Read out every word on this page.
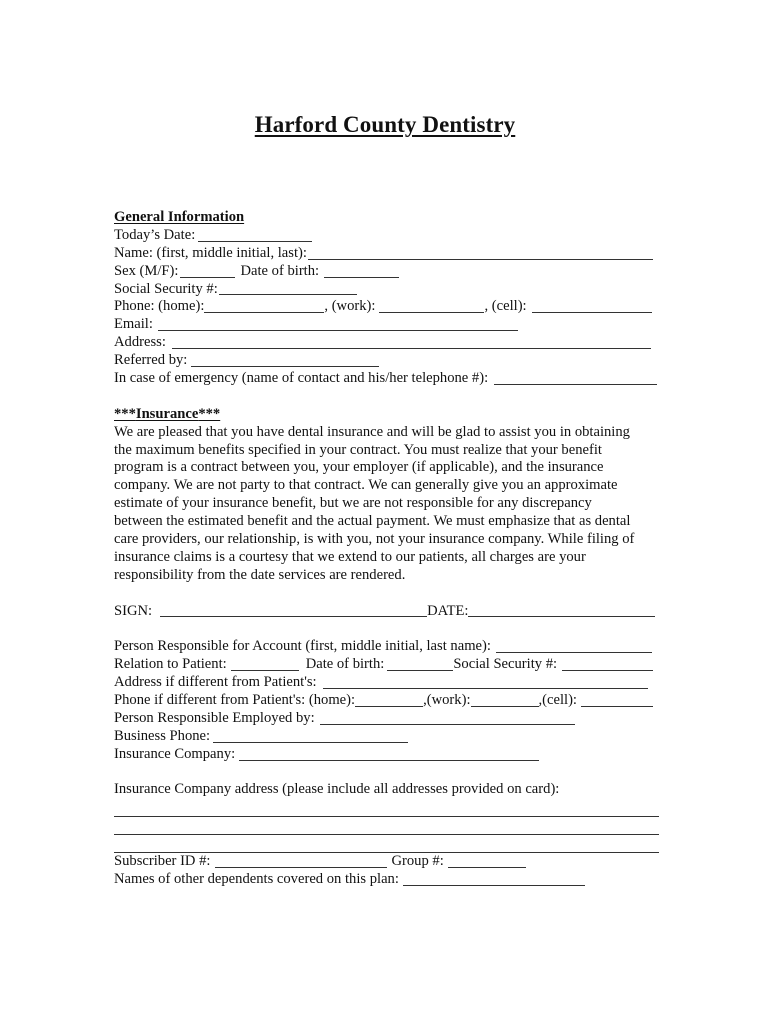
Harford County Dentistry
General Information
Today’s Date:
Name: (first, middle initial, last):
Sex (M/F):	Date of birth:
Social Security #:
Phone: (home):	, (work):	, (cell):
Email:
Address:
Referred by:
In case of emergency (name of contact and his/her telephone #):
***Insurance***
We are pleased that you have dental insurance and will be glad to assist you in obtaining
the maximum benefits specified in your contract. You must realize that your benefit
program is a contract between you, your employer (if applicable), and the insurance
company. We are not party to that contract. We can generally give you an approximate
estimate of your insurance benefit, but we are not responsible for any discrepancy
between the estimated benefit and the actual payment. We must emphasize that as dental
care providers, our relationship, is with you, not your insurance company. While filing of
insurance claims is a courtesy that we extend to our patients, all charges are your
responsibility from the date services are rendered.
SIGN:	DATE:
Person Responsible for Account (first, middle initial, last name):
Relation to Patient:	Date of birth:	Social Security #:
Address if different from Patient's:
Phone if different from Patient's: (home):	,(work):	,(cell):
Person Responsible Employed by:
Business Phone:
Insurance Company:
Insurance Company address (please include all addresses provided on card):
Subscriber ID #:	Group #:
Names of other dependents covered on this plan:
